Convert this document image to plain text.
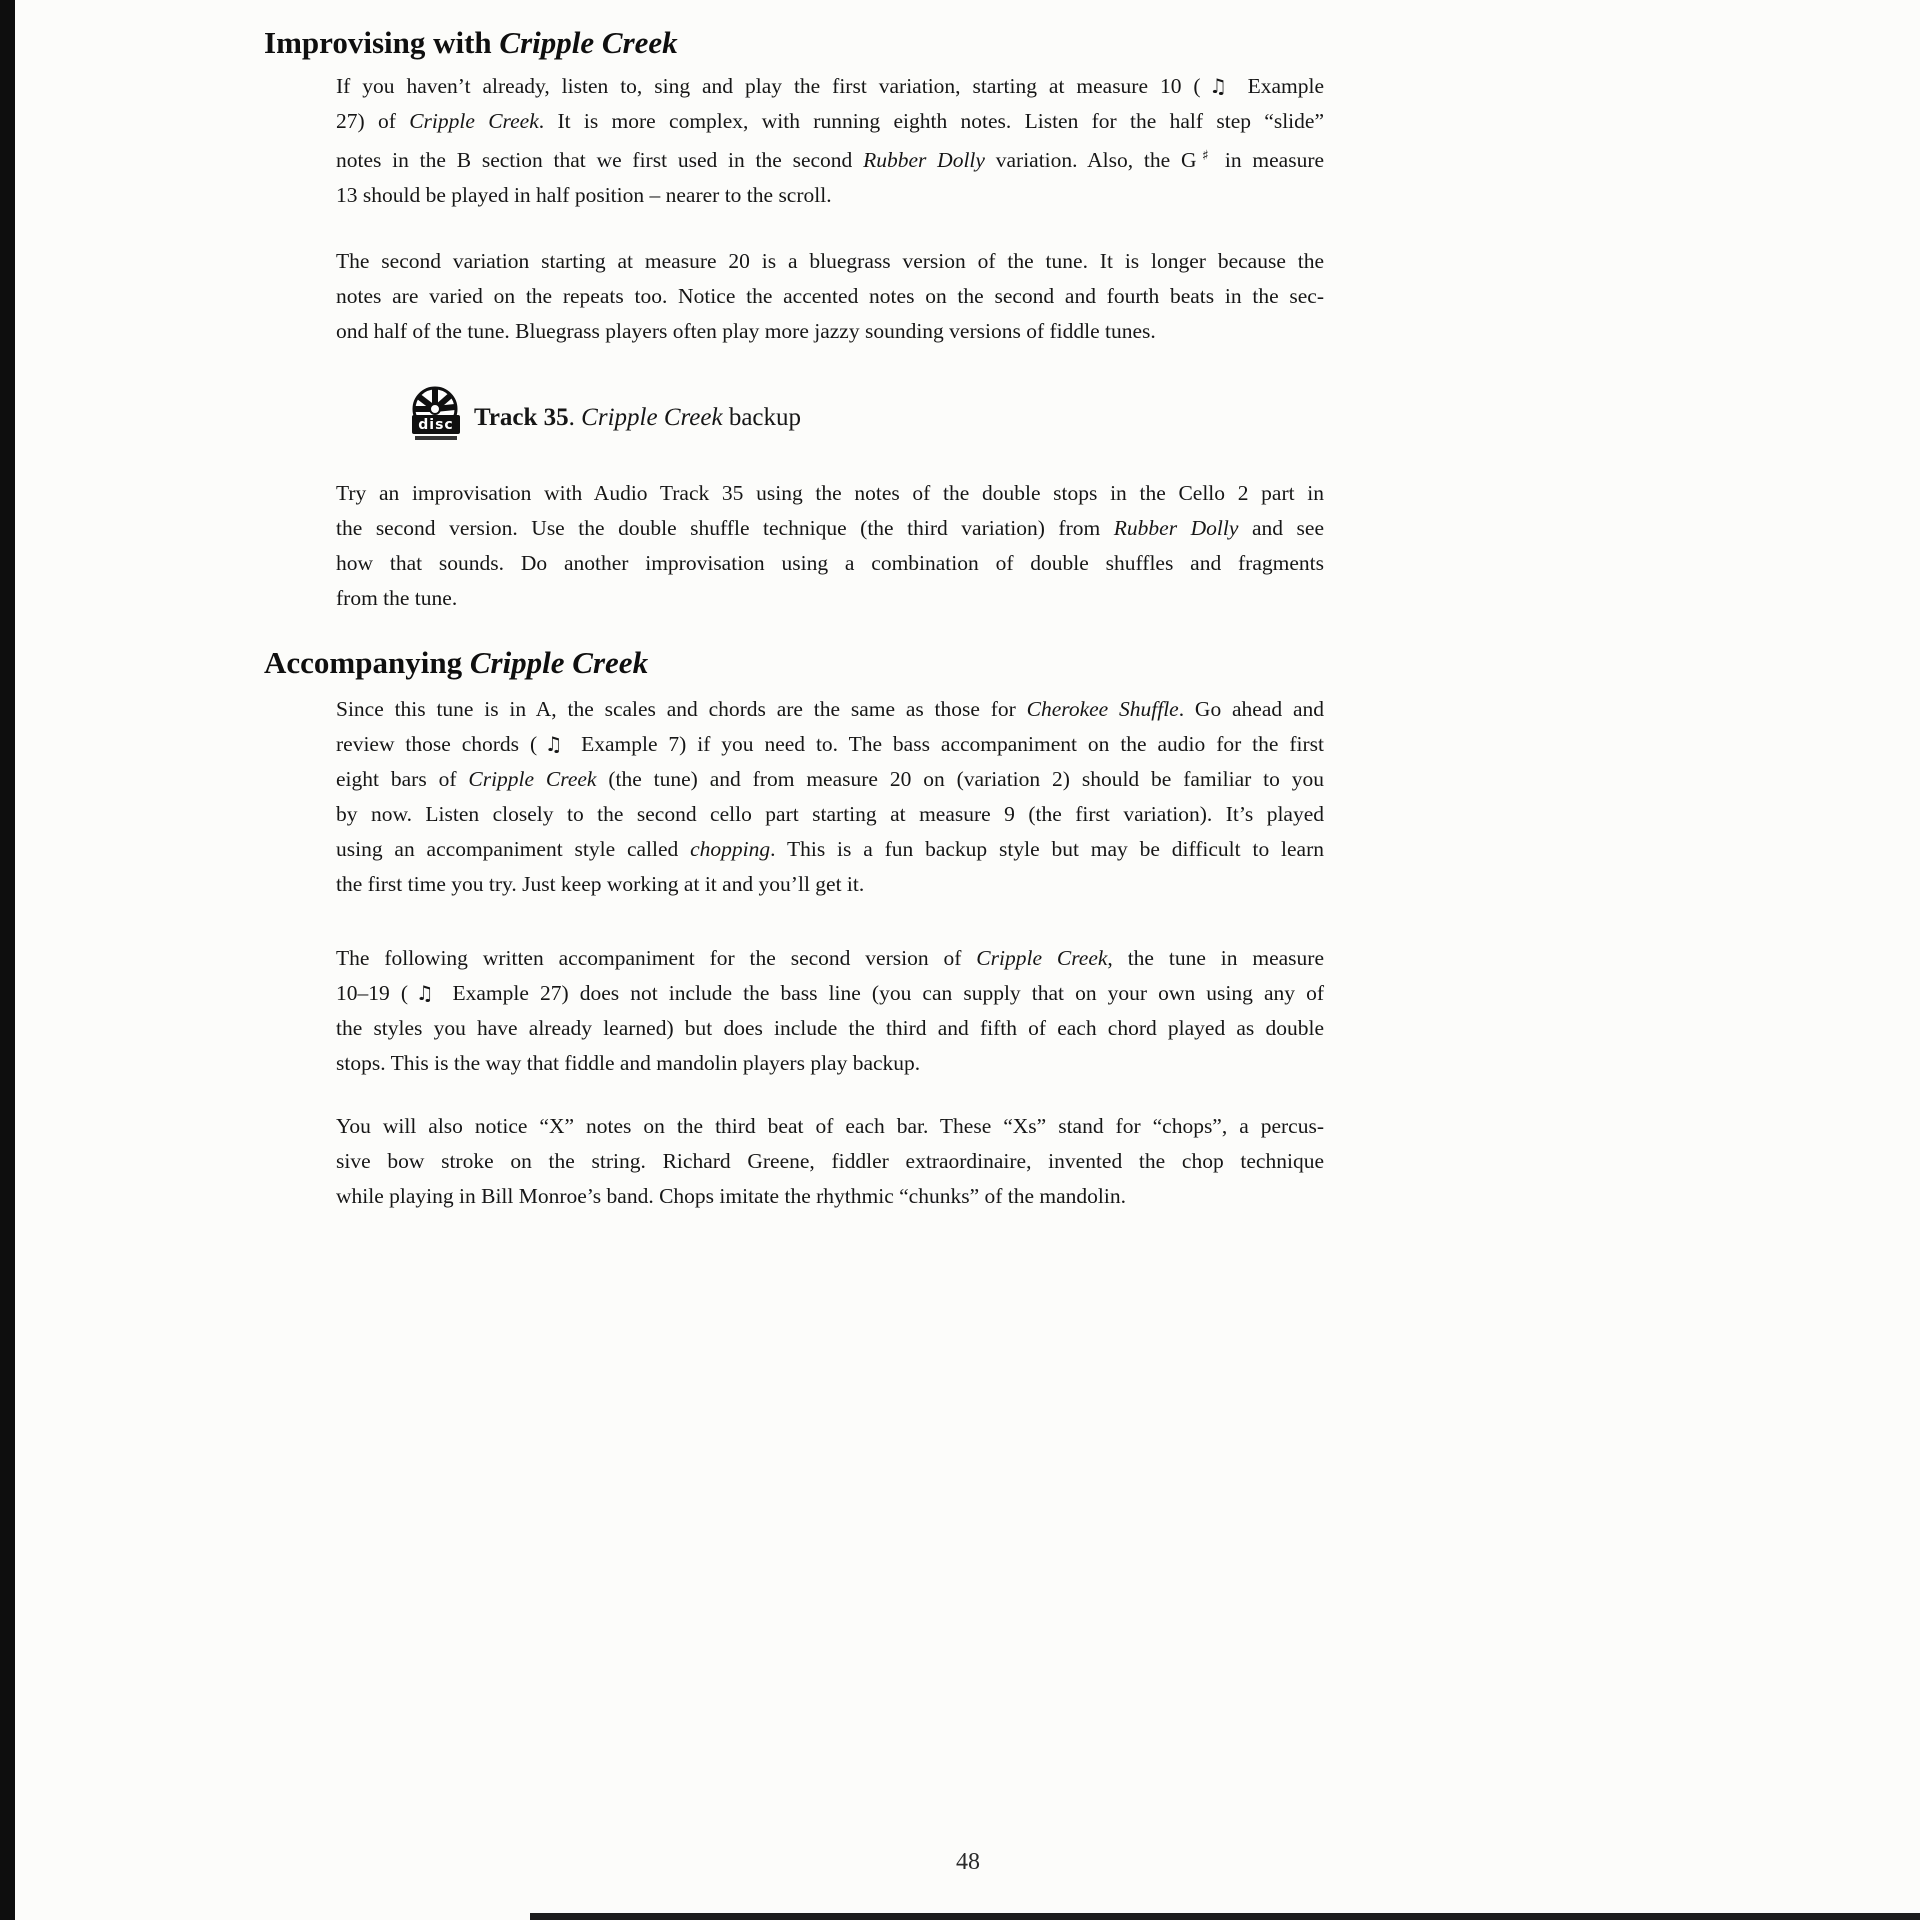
Improvising with Cripple Creek
If you haven’t already, listen to, sing and play the first variation, starting at measure 10 ( ♫ Example
27) of Cripple Creek. It is more complex, with running eighth notes. Listen for the half step “slide”
notes in the B section that we first used in the second Rubber Dolly variation. Also, the G♯ in measure
13 should be played in half position – nearer to the scroll.
The second variation starting at measure 20 is a bluegrass version of the tune. It is longer because the
notes are varied on the repeats too. Notice the accented notes on the second and fourth beats in the sec-
ond half of the tune. Bluegrass players often play more jazzy sounding versions of fiddle tunes.
disc Track 35. Cripple Creek backup
Try an improvisation with Audio Track 35 using the notes of the double stops in the Cello 2 part in
the second version. Use the double shuffle technique (the third variation) from Rubber Dolly and see
how that sounds. Do another improvisation using a combination of double shuffles and fragments
from the tune.
Accompanying Cripple Creek
Since this tune is in A, the scales and chords are the same as those for Cherokee Shuffle. Go ahead and
review those chords ( ♫ Example 7) if you need to. The bass accompaniment on the audio for the first
eight bars of Cripple Creek (the tune) and from measure 20 on (variation 2) should be familiar to you
by now. Listen closely to the second cello part starting at measure 9 (the first variation). It’s played
using an accompaniment style called chopping. This is a fun backup style but may be difficult to learn
the first time you try. Just keep working at it and you’ll get it.
The following written accompaniment for the second version of Cripple Creek, the tune in measure
10–19 ( ♫ Example 27) does not include the bass line (you can supply that on your own using any of
the styles you have already learned) but does include the third and fifth of each chord played as double
stops. This is the way that fiddle and mandolin players play backup.
You will also notice “X” notes on the third beat of each bar. These “Xs” stand for “chops”, a percus-
sive bow stroke on the string. Richard Greene, fiddler extraordinaire, invented the chop technique
while playing in Bill Monroe’s band. Chops imitate the rhythmic “chunks” of the mandolin.
48
